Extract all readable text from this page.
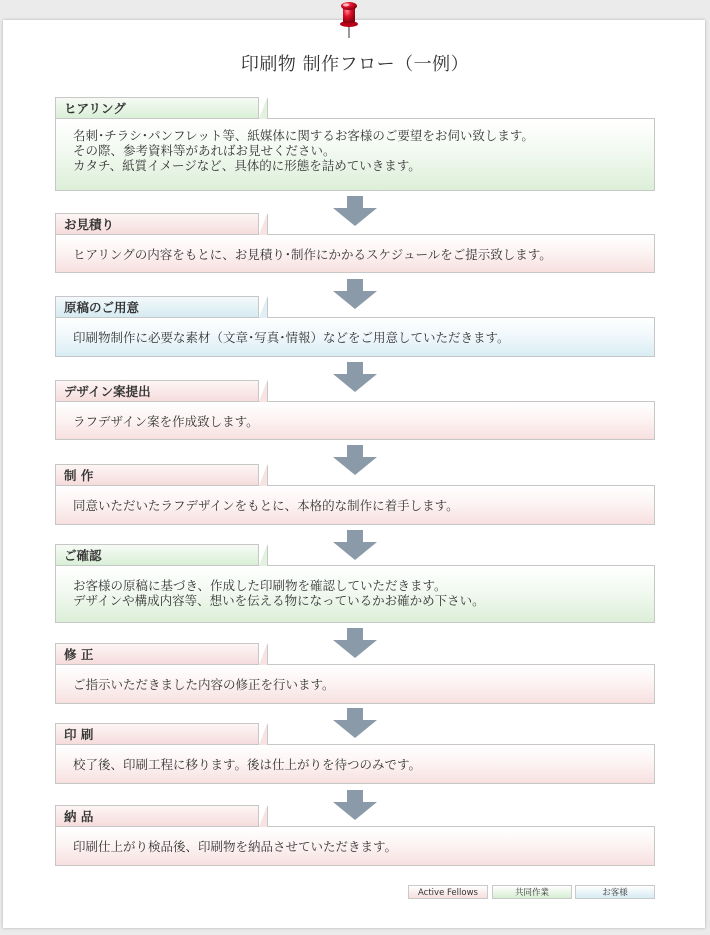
印刷物 制作フロー（一例）
ヒアリング
名刺･チラシ･パンフレット等、紙媒体に関するお客様のご要望をお伺い致します。
その際、参考資料等があればお見せください。
カタチ、紙質イメージなど、具体的に形態を詰めていきます。
お見積り
ヒアリングの内容をもとに、お見積り･制作にかかるスケジュールをご提示致します。
原稿のご用意
印刷物制作に必要な素材（文章･写真･情報）などをご用意していただきます。
デザイン案提出
ラフデザイン案を作成致します。
制 作
同意いただいたラフデザインをもとに、本格的な制作に着手します。
ご確認
お客様の原稿に基づき、作成した印刷物を確認していただきます。
デザインや構成内容等、想いを伝える物になっているかお確かめ下さい。
修 正
ご指示いただきました内容の修正を行います。
印 刷
校了後、印刷工程に移ります。後は仕上がりを待つのみです。
納 品
印刷仕上がり検品後、印刷物を納品させていただきます。
Active Fellows	共同作業	お客様
